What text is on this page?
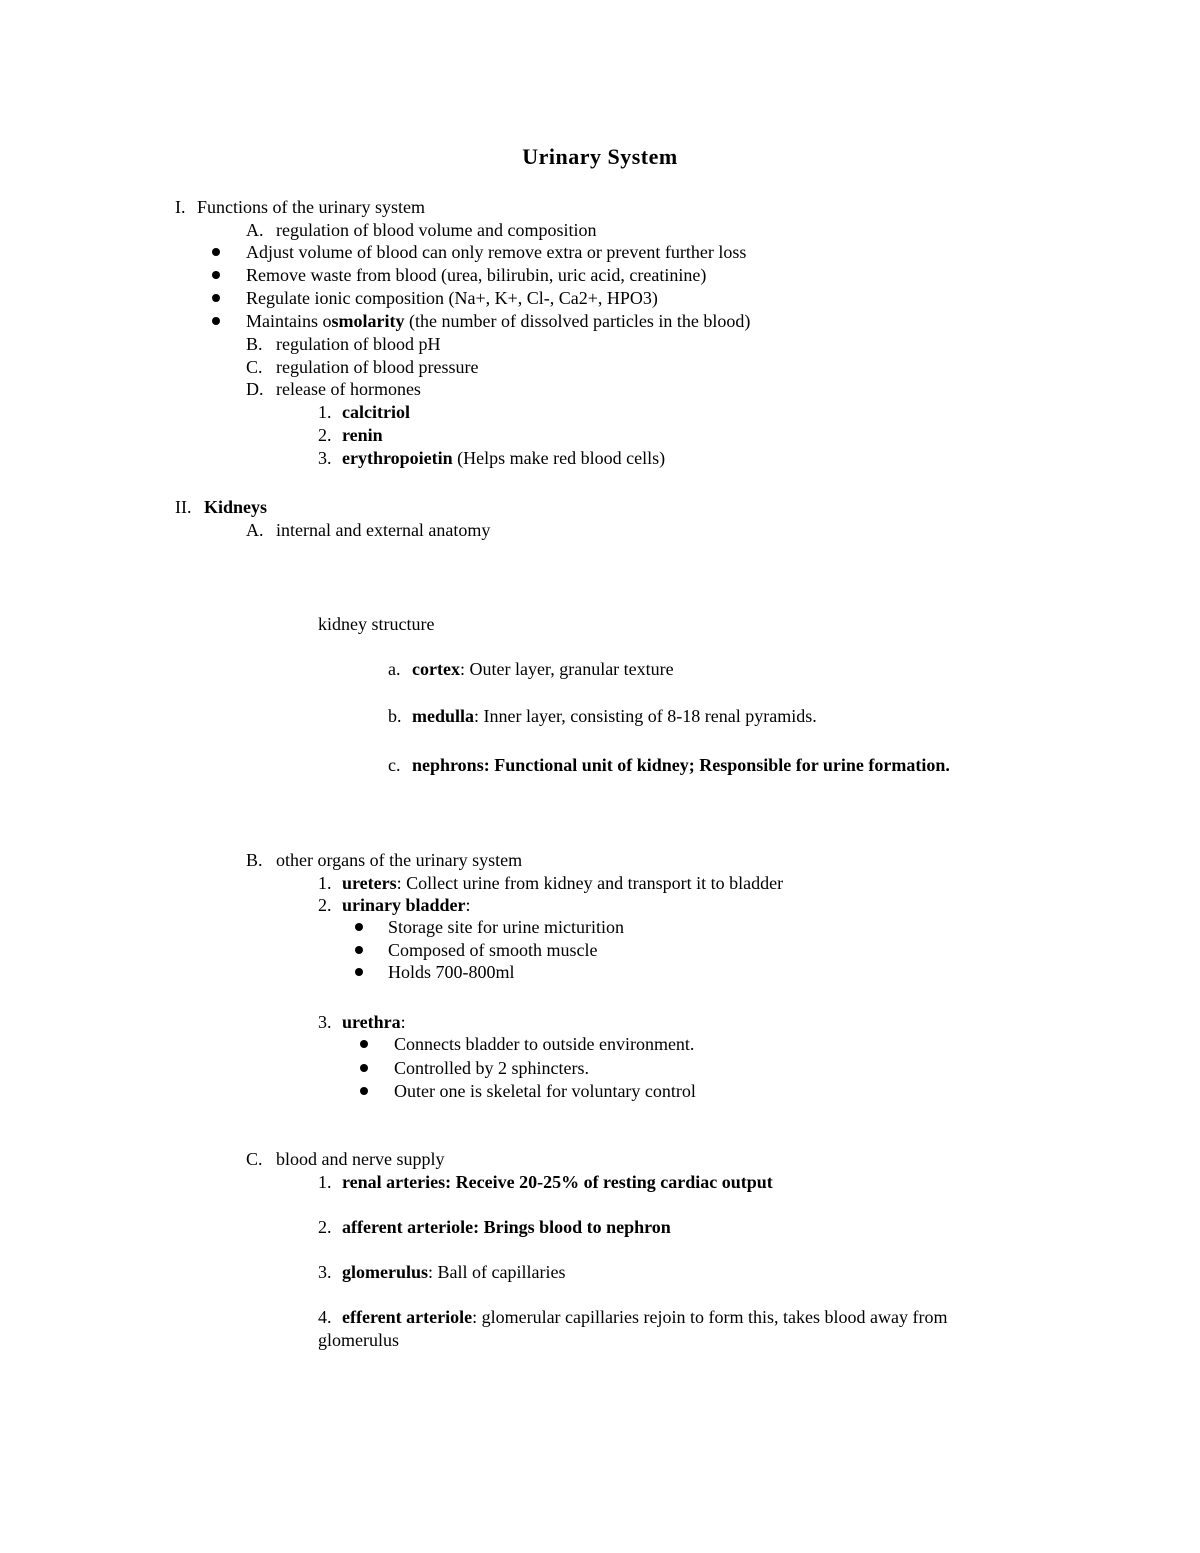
Urinary System
I. Functions of the urinary system
A. regulation of blood volume and composition
Adjust volume of blood can only remove extra or prevent further loss
Remove waste from blood (urea, bilirubin, uric acid, creatinine)
Regulate ionic composition (Na+, K+, Cl-, Ca2+, HPO3)
Maintains osmolarity (the number of dissolved particles in the blood)
B. regulation of blood pH
C. regulation of blood pressure
D. release of hormones
1. calcitriol
2. renin
3. erythropoietin (Helps make red blood cells)
II. Kidneys
A. internal and external anatomy
kidney structure
a. cortex: Outer layer, granular texture
b. medulla: Inner layer, consisting of 8-18 renal pyramids.
c. nephrons: Functional unit of kidney; Responsible for urine formation.
B. other organs of the urinary system
1. ureters: Collect urine from kidney and transport it to bladder
2. urinary bladder:
Storage site for urine micturition
Composed of smooth muscle
Holds 700-800ml
3. urethra:
Connects bladder to outside environment.
Controlled by 2 sphincters.
Outer one is skeletal for voluntary control
C. blood and nerve supply
1. renal arteries: Receive 20-25% of resting cardiac output
2. afferent arteriole: Brings blood to nephron
3. glomerulus: Ball of capillaries
4. efferent arteriole: glomerular capillaries rejoin to form this, takes blood away from
glomerulus
